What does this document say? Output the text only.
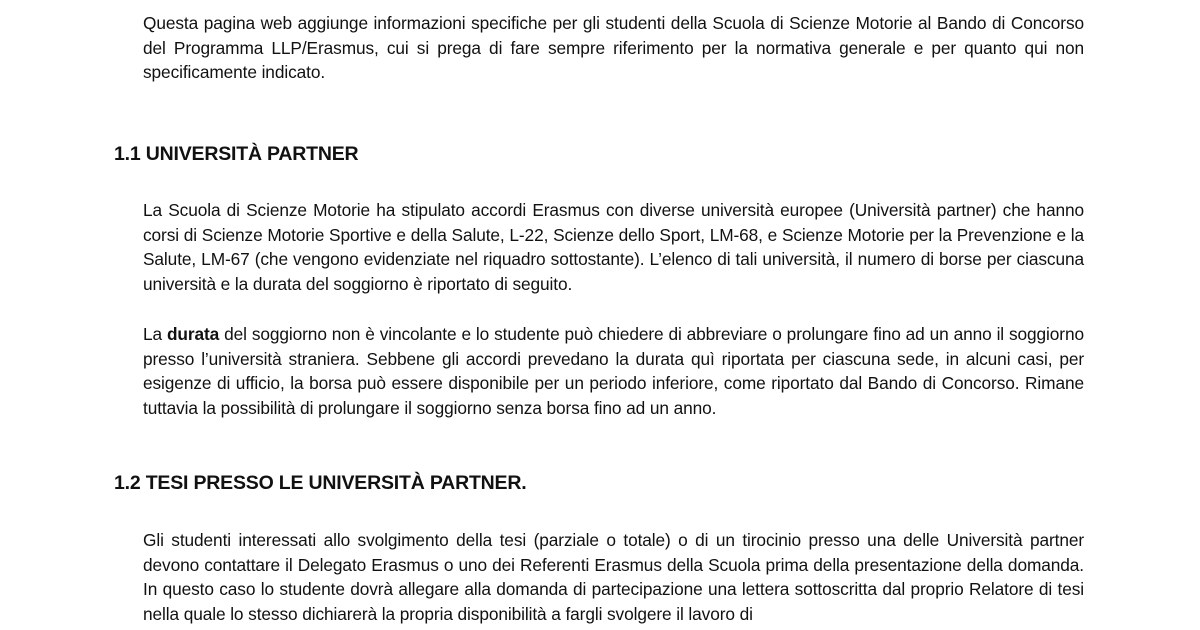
Questa pagina web aggiunge informazioni specifiche per gli studenti della Scuola di Scienze Motorie al Bando di Concorso del Programma LLP/Erasmus, cui si prega di fare sempre riferimento per la normativa generale e per quanto qui non specificamente indicato.

1.1 UNIVERSITÀ PARTNER

La Scuola di Scienze Motorie ha stipulato accordi Erasmus con diverse università europee (Università partner) che hanno corsi di Scienze Motorie Sportive e della Salute, L-22, Scienze dello Sport, LM-68, e Scienze Motorie per la Prevenzione e la Salute, LM-67 (che vengono evidenziate nel riquadro sottostante). L’elenco di tali università, il numero di borse per ciascuna università e la durata del soggiorno è riportato di seguito.

La durata del soggiorno non è vincolante e lo studente può chiedere di abbreviare o prolungare fino ad un anno il soggiorno presso l’università straniera. Sebbene gli accordi prevedano la durata quì riportata per ciascuna sede, in alcuni casi, per esigenze di ufficio, la borsa può essere disponibile per un periodo inferiore, come riportato dal Bando di Concorso. Rimane tuttavia la possibilità di prolungare il soggiorno senza borsa fino ad un anno.

1.2 TESI PRESSO LE UNIVERSITÀ PARTNER.

Gli studenti interessati allo svolgimento della tesi (parziale o totale) o di un tirocinio presso una delle Università partner devono contattare il Delegato Erasmus o uno dei Referenti Erasmus della Scuola prima della presentazione della domanda. In questo caso lo studente dovrà allegare alla domanda di partecipazione una lettera sottoscritta dal proprio Relatore di tesi nella quale lo stesso dichiarerà la propria disponibilità a fargli svolgere il lavoro di
